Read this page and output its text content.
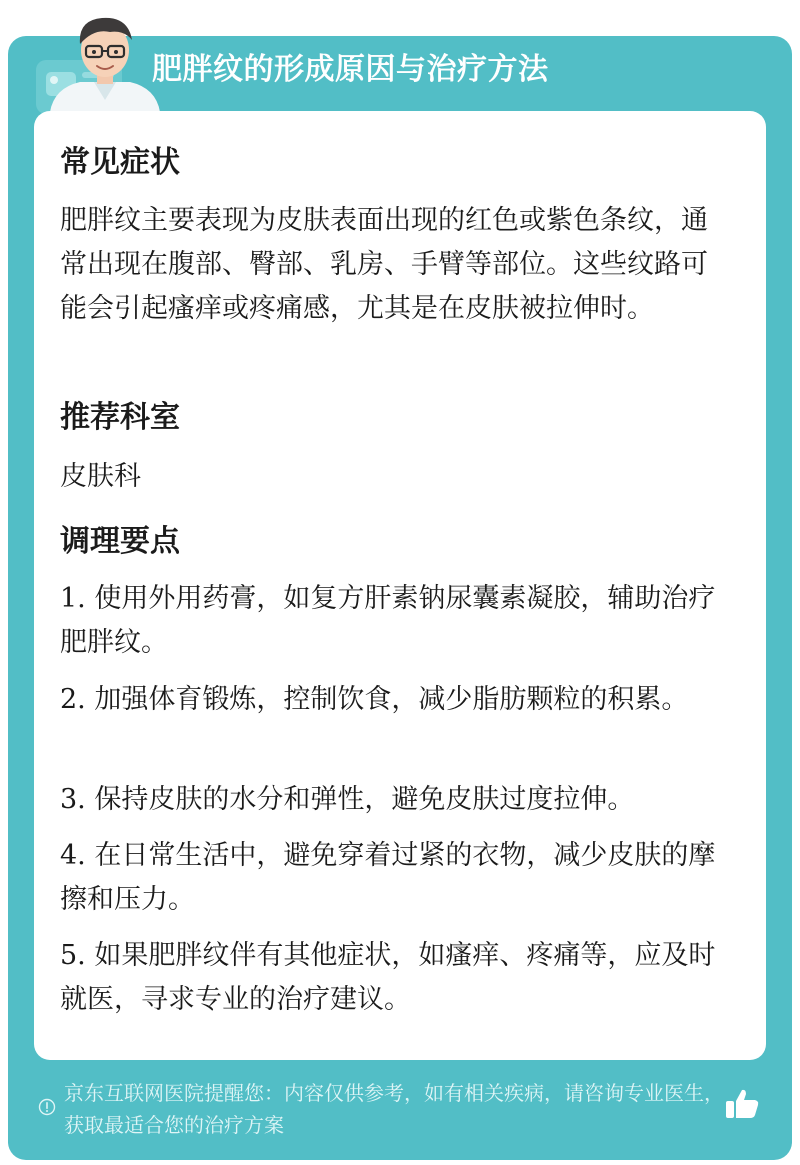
肥胖纹的形成原因与治疗方法
常见症状

肥胖纹主要表现为皮肤表面出现的红色或紫色条纹，通常出现在腹部、臀部、乳房、手臂等部位。这些纹路可能会引起瘙痒或疼痛感，尤其是在皮肤被拉伸时。

推荐科室

皮肤科

调理要点

1. 使用外用药膏，如复方肝素钠尿囊素凝胶，辅助治疗肥胖纹。

2. 加强体育锻炼，控制饮食，减少脂肪颗粒的积累。

3. 保持皮肤的水分和弹性，避免皮肤过度拉伸。

4. 在日常生活中，避免穿着过紧的衣物，减少皮肤的摩擦和压力。

5. 如果肥胖纹伴有其他症状，如瘙痒、疼痛等，应及时就医，寻求专业的治疗建议。

京东互联网医院提醒您：内容仅供参考，如有相关疾病，请咨询专业医生，获取最适合您的治疗方案
